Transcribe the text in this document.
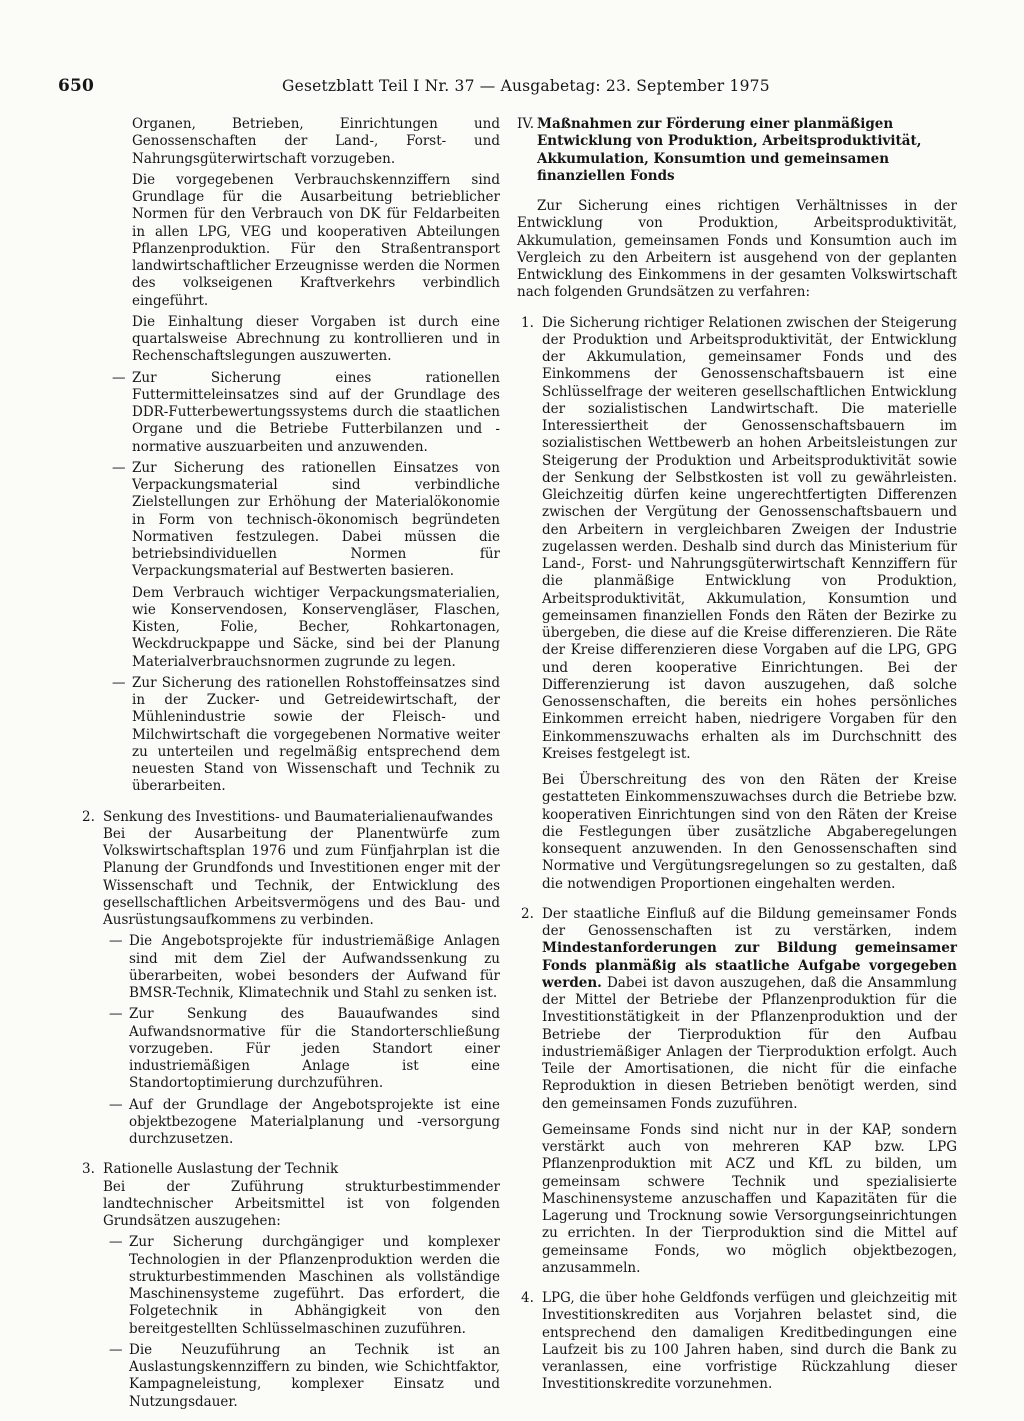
650	Gesetzblatt Teil I Nr. 37 — Ausgabetag: 23. September 1975

Organen, Betrieben, Einrichtungen und Genossenschaften der Land-, Forst- und Nahrungsgüterwirtschaft vorzugeben.

Die vorgegebenen Verbrauchskennziffern sind Grundlage für die Ausarbeitung betrieblicher Normen für den Verbrauch von DK für Feldarbeiten in allen LPG, VEG und kooperativen Abteilungen Pflanzenproduktion. Für den Straßentransport landwirtschaftlicher Erzeugnisse werden die Normen des volkseigenen Kraftverkehrs verbindlich eingeführt.

Die Einhaltung dieser Vorgaben ist durch eine quartalsweise Abrechnung zu kontrollieren und in Rechenschaftslegungen auszuwerten.

— Zur Sicherung eines rationellen Futtermitteleinsatzes sind auf der Grundlage des DDR-Futterbewertungssystems durch die staatlichen Organe und die Betriebe Futterbilanzen und -normative auszuarbeiten und anzuwenden.

— Zur Sicherung des rationellen Einsatzes von Verpackungsmaterial sind verbindliche Zielstellungen zur Erhöhung der Materialökonomie in Form von technisch-ökonomisch begründeten Normativen festzulegen. Dabei müssen die betriebsindividuellen Normen für Verpackungsmaterial auf Bestwerten basieren.

Dem Verbrauch wichtiger Verpackungsmaterialien, wie Konservendosen, Konservengläser, Flaschen, Kisten, Folie, Becher, Rohkartonagen, Weckdruckpappe und Säcke, sind bei der Planung Materialverbrauchsnormen zugrunde zu legen.

— Zur Sicherung des rationellen Rohstoffeinsatzes sind in der Zucker- und Getreidewirtschaft, der Mühlenindustrie sowie der Fleisch- und Milchwirtschaft die vorgegebenen Normative weiter zu unterteilen und regelmäßig entsprechend dem neuesten Stand von Wissenschaft und Technik zu überarbeiten.

2. Senkung des Investitions- und Baumaterialienaufwandes

Bei der Ausarbeitung der Planentwürfe zum Volkswirtschaftsplan 1976 und zum Fünfjahrplan ist die Planung der Grundfonds und Investitionen enger mit der Wissenschaft und Technik, der Entwicklung des gesellschaftlichen Arbeitsvermögens und des Bau- und Ausrüstungsaufkommens zu verbinden.

— Die Angebotsprojekte für industriemäßige Anlagen sind mit dem Ziel der Aufwandssenkung zu überarbeiten, wobei besonders der Aufwand für BMSR-Technik, Klimatechnik und Stahl zu senken ist.

— Zur Senkung des Bauaufwandes sind Aufwandsnormative für die Standorterschließung vorzugeben. Für jeden Standort einer industriemäßigen Anlage ist eine Standortoptimierung durchzuführen.

— Auf der Grundlage der Angebotsprojekte ist eine objektbezogene Materialplanung und -versorgung durchzusetzen.

3. Rationelle Auslastung der Technik

Bei der Zuführung strukturbestimmender landtechnischer Arbeitsmittel ist von folgenden Grundsätzen auszugehen:

— Zur Sicherung durchgängiger und komplexer Technologien in der Pflanzenproduktion werden die strukturbestimmenden Maschinen als vollständige Maschinensysteme zugeführt. Das erfordert, die Folgetechnik in Abhängigkeit von den bereitgestellten Schlüsselmaschinen zuzuführen.

— Die Neuzuführung an Technik ist an Auslastungskennziffern zu binden, wie Schichtfaktor, Kampagneleistung, komplexer Einsatz und Nutzungsdauer.

IV. Maßnahmen zur Förderung einer planmäßigen Entwicklung von Produktion, Arbeitsproduktivität, Akkumulation, Konsumtion und gemeinsamen finanziellen Fonds

Zur Sicherung eines richtigen Verhältnisses in der Entwicklung von Produktion, Arbeitsproduktivität, Akkumulation, gemeinsamen Fonds und Konsumtion auch im Vergleich zu den Arbeitern ist ausgehend von der geplanten Entwicklung des Einkommens in der gesamten Volkswirtschaft nach folgenden Grundsätzen zu verfahren:

1. Die Sicherung richtiger Relationen zwischen der Steigerung der Produktion und Arbeitsproduktivität, der Entwicklung der Akkumulation, gemeinsamer Fonds und des Einkommens der Genossenschaftsbauern ist eine Schlüsselfrage der weiteren gesellschaftlichen Entwicklung der sozialistischen Landwirtschaft. Die materielle Interessiertheit der Genossenschaftsbauern im sozialistischen Wettbewerb an hohen Arbeitsleistungen zur Steigerung der Produktion und Arbeitsproduktivität sowie der Senkung der Selbstkosten ist voll zu gewährleisten. Gleichzeitig dürfen keine ungerechtfertigten Differenzen zwischen der Vergütung der Genossenschaftsbauern und den Arbeitern in vergleichbaren Zweigen der Industrie zugelassen werden. Deshalb sind durch das Ministerium für Land-, Forst- und Nahrungsgüterwirtschaft Kennziffern für die planmäßige Entwicklung von Produktion, Arbeitsproduktivität, Akkumulation, Konsumtion und gemeinsamen finanziellen Fonds den Räten der Bezirke zu übergeben, die diese auf die Kreise differenzieren. Die Räte der Kreise differenzieren diese Vorgaben auf die LPG, GPG und deren kooperative Einrichtungen. Bei der Differenzierung ist davon auszugehen, daß solche Genossenschaften, die bereits ein hohes persönliches Einkommen erreicht haben, niedrigere Vorgaben für den Einkommenszuwachs erhalten als im Durchschnitt des Kreises festgelegt ist.

Bei Überschreitung des von den Räten der Kreise gestatteten Einkommenszuwachses durch die Betriebe bzw. kooperativen Einrichtungen sind von den Räten der Kreise die Festlegungen über zusätzliche Abgaberegelungen konsequent anzuwenden. In den Genossenschaften sind Normative und Vergütungsregelungen so zu gestalten, daß die notwendigen Proportionen eingehalten werden.

2. Der staatliche Einfluß auf die Bildung gemeinsamer Fonds der Genossenschaften ist zu verstärken, indem Mindestanforderungen zur Bildung gemeinsamer Fonds planmäßig als staatliche Aufgabe vorgegeben werden. Dabei ist davon auszugehen, daß die Ansammlung der Mittel der Betriebe der Pflanzenproduktion für die Investitionstätigkeit in der Pflanzenproduktion und der Betriebe der Tierproduktion für den Aufbau industriemäßiger Anlagen der Tierproduktion erfolgt. Auch Teile der Amortisationen, die nicht für die einfache Reproduktion in diesen Betrieben benötigt werden, sind den gemeinsamen Fonds zuzuführen.

Gemeinsame Fonds sind nicht nur in der KAP, sondern verstärkt auch von mehreren KAP bzw. LPG Pflanzenproduktion mit ACZ und KfL zu bilden, um gemeinsam schwere Technik und spezialisierte Maschinensysteme anzuschaffen und Kapazitäten für die Lagerung und Trocknung sowie Versorgungseinrichtungen zu errichten. In der Tierproduktion sind die Mittel auf gemeinsame Fonds, wo möglich objektbezogen, anzusammeln.

4. LPG, die über hohe Geldfonds verfügen und gleichzeitig mit Investitionskrediten aus Vorjahren belastet sind, die entsprechend den damaligen Kreditbedingungen eine Laufzeit bis zu 100 Jahren haben, sind durch die Bank zu veranlassen, eine vorfristige Rückzahlung dieser Investitionskredite vorzunehmen.
